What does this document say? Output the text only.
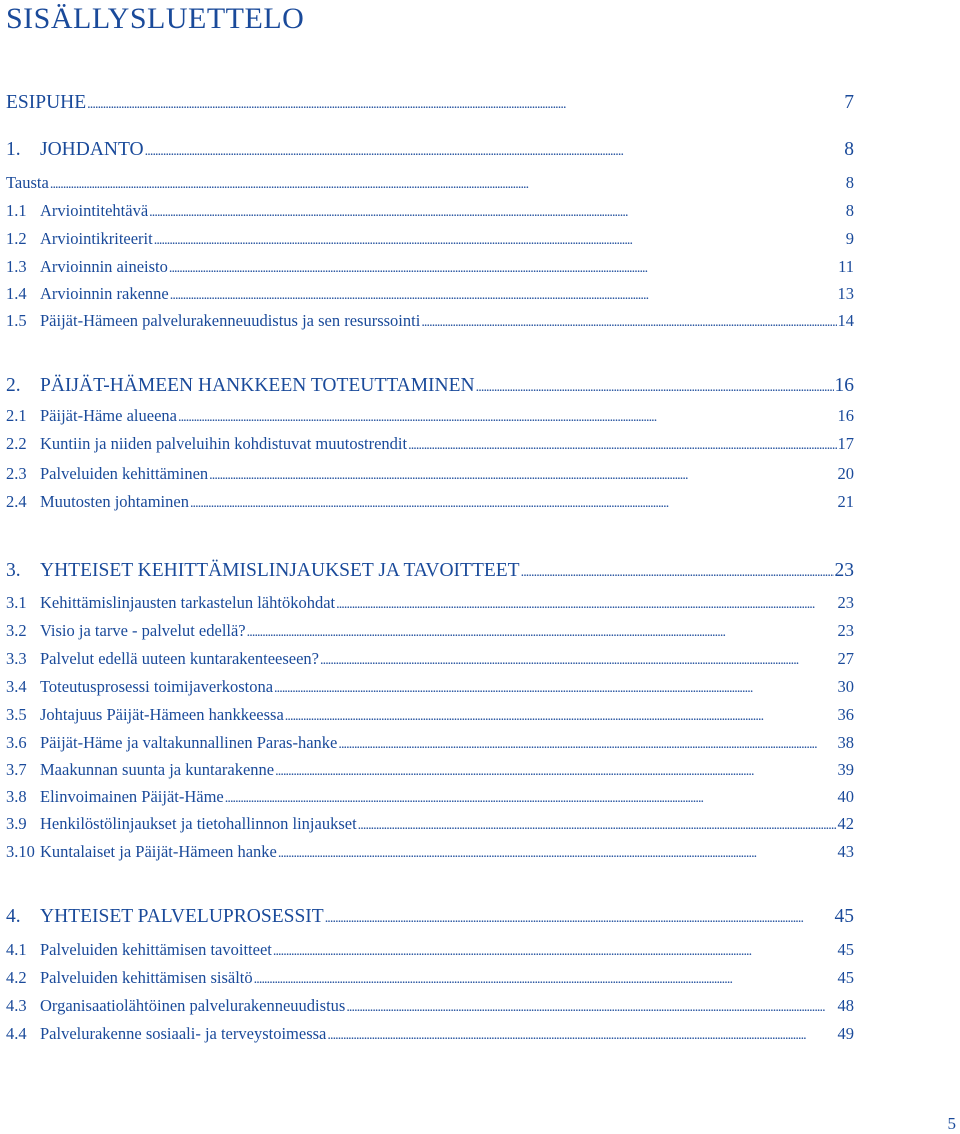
SISÄLLYSLUETTELO
ESIPUHE . . .	7
1. JOHDANTO . . .	8
Tausta . . .	8
1.1 Arviointitehtävä . . .	8
1.2 Arviointikriteerit . . .	9
1.3 Arvioinnin aineisto . . .	11
1.4 Arvioinnin rakenne . . .	13
1.5 Päijät-Hämeen palvelurakenneuudistus ja sen resurssointi . . .	14
2. PÄIJÄT-HÄMEEN HANKKEEN TOTEUTTAMINEN . . .	16
2.1 Päijät-Häme alueena . . .	16
2.2 Kuntiin ja niiden palveluihin kohdistuvat muutostrendit . . .	17
2.3 Palveluiden kehittäminen . . .	20
2.4 Muutosten johtaminen . . .	21
3. YHTEISET KEHITTÄMISLINJAUKSET JA TAVOITTEET . . .	23
3.1 Kehittämislinjausten tarkastelun lähtökohdat . . .	23
3.2 Visio ja tarve - palvelut edellä? . . .	23
3.3 Palvelut edellä uuteen kuntarakenteeseen? . . .	27
3.4 Toteutusprosessi toimijaverkostona . . .	30
3.5 Johtajuus Päijät-Hämeen hankkeessa . . .	36
3.6 Päijät-Häme ja valtakunnallinen Paras-hanke . . .	38
3.7 Maakunnan suunta ja kuntarakenne . . .	39
3.8 Elinvoimainen Päijät-Häme . . .	40
3.9 Henkilöstölinjaukset ja tietohallinnon linjaukset . . .	42
3.10 Kuntalaiset ja Päijät-Hämeen hanke . . .	43
4. YHTEISET PALVELUPROSESSIT . . .	45
4.1 Palveluiden kehittämisen tavoitteet . . .	45
4.2 Palveluiden kehittämisen sisältö . . .	45
4.3 Organisaatiolähtöinen palvelurakenneuudistus . . .	48
4.4 Palvelurakenne sosiaali- ja terveystoimessa . . .	49
5
